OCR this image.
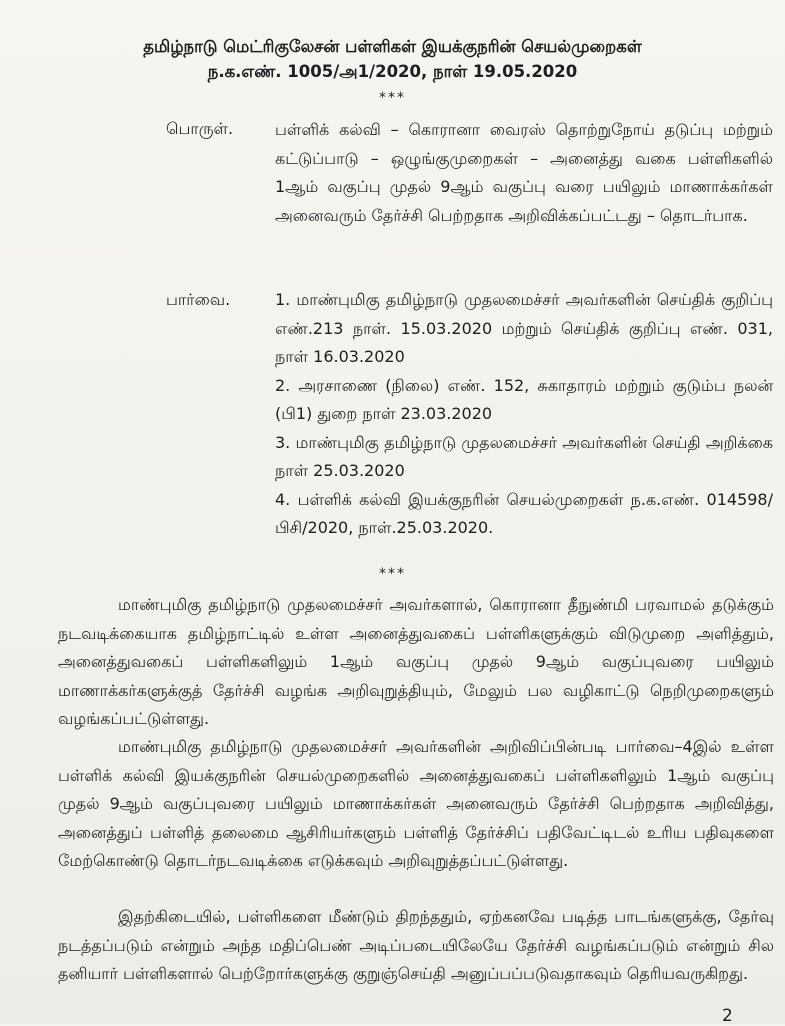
தமிழ்நாடு மெட்ரிகுலேசன் பள்ளிகள் இயக்குநரின் செயல்முறைகள்
ந.க.எண். 1005/அ1/2020, நாள் 19.05.2020
***
பொருள்.	பள்ளிக் கல்வி – கொரானா வைரஸ் தொற்றுநோய் தடுப்பு மற்றும் கட்டுப்பாடு – ஒழுங்குமுறைகள் – அனைத்து வகை பள்ளிகளில் 1ஆம் வகுப்பு முதல் 9ஆம் வகுப்பு வரை பயிலும் மாணாக்கர்கள் அனைவரும் தேர்ச்சி பெற்றதாக அறிவிக்கப்பட்டது – தொடர்பாக.
பார்வை.	1. மாண்புமிகு தமிழ்நாடு முதலமைச்சர் அவர்களின் செய்திக் குறிப்பு எண்.213 நாள். 15.03.2020 மற்றும் செய்திக் குறிப்பு எண். 031, நாள் 16.03.2020
2. அரசாணை (நிலை) எண். 152, சுகாதாரம் மற்றும் குடும்ப நலன் (பி1) துறை நாள் 23.03.2020
3. மாண்புமிகு தமிழ்நாடு முதலமைச்சர் அவர்களின் செய்தி அறிக்கை நாள் 25.03.2020
4. பள்ளிக் கல்வி இயக்குநரின் செயல்முறைகள் ந.க.எண். 014598/பிசி/2020, நாள்.25.03.2020.
***
மாண்புமிகு தமிழ்நாடு முதலமைச்சர் அவர்களால், கொரானா தீநுண்மி பரவாமல் தடுக்கும் நடவடிக்கையாக தமிழ்நாட்டில் உள்ள அனைத்துவகைப் பள்ளிகளுக்கும் விடுமுறை அளித்தும், அனைத்துவகைப் பள்ளிகளிலும் 1ஆம் வகுப்பு முதல் 9ஆம் வகுப்புவரை பயிலும் மாணாக்கர்களுக்குத் தேர்ச்சி வழங்க அறிவுறுத்தியும், மேலும் பல வழிகாட்டு நெறிமுறைகளும் வழங்கப்பட்டுள்ளது.
மாண்புமிகு தமிழ்நாடு முதலமைச்சர் அவர்களின் அறிவிப்பின்படி பார்வை–4இல் உள்ள பள்ளிக் கல்வி இயக்குநரின் செயல்முறைகளில் அனைத்துவகைப் பள்ளிகளிலும் 1ஆம் வகுப்பு முதல் 9ஆம் வகுப்புவரை பயிலும் மாணாக்கர்கள் அனைவரும் தேர்ச்சி பெற்றதாக அறிவித்து, அனைத்துப் பள்ளித் தலைமை ஆசிரியர்களும் பள்ளித் தேர்ச்சிப் பதிவேட்டிடல் உரிய பதிவுகளை மேற்கொண்டு தொடர்நடவடிக்கை எடுக்கவும் அறிவுறுத்தப்பட்டுள்ளது.
இதற்கிடையில், பள்ளிகளை மீண்டும் திறந்ததும், ஏற்கனவே படித்த பாடங்களுக்கு, தேர்வு நடத்தப்படும் என்றும் அந்த மதிப்பெண் அடிப்படையிலேயே தேர்ச்சி வழங்கப்படும் என்றும் சில தனியார் பள்ளிகளால் பெற்றோர்களுக்கு குறுஞ்செய்தி அனுப்பப்படுவதாகவும் தெரியவருகிறது.
2
